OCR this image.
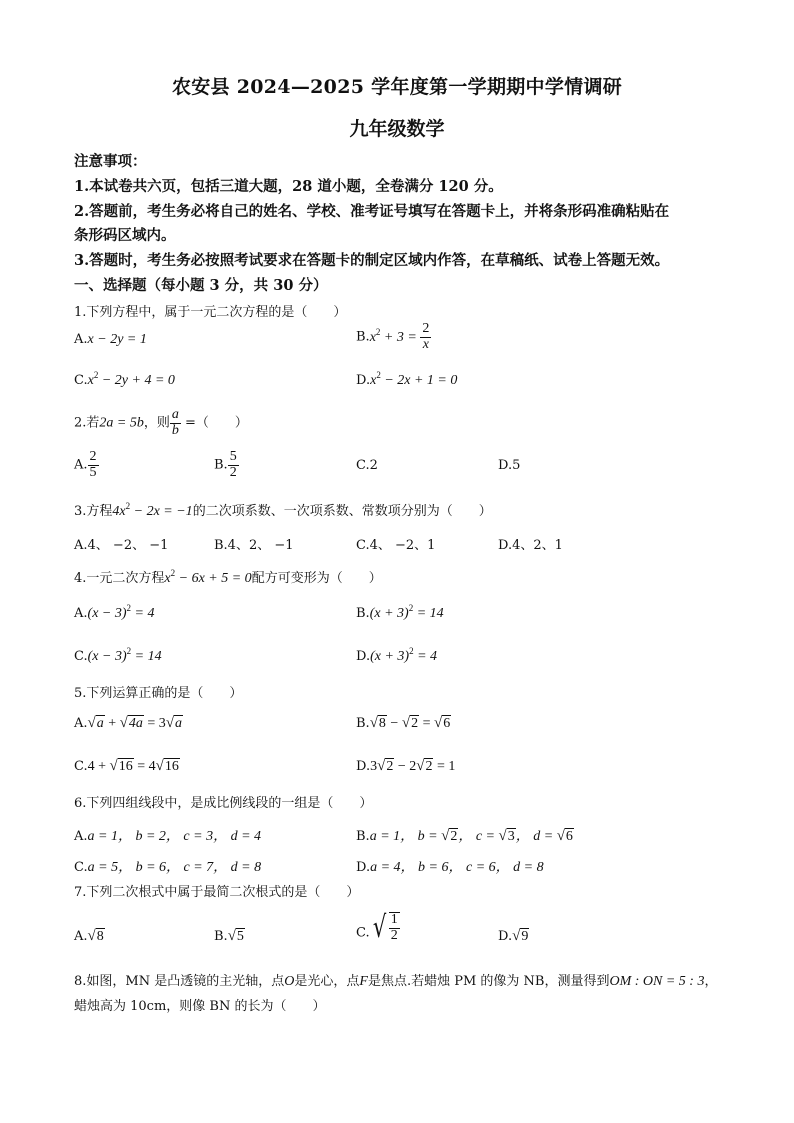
农安县 2024—2025 学年度第一学期期中学情调研
九年级数学
注意事项：
1.本试卷共六页，包括三道大题，28 道小题，全卷满分 120 分。
2.答题前，考生务必将自己的姓名、学校、准考证号填写在答题卡上，并将条形码准确粘贴在
条形码区域内。
3.答题时，考生务必按照考试要求在答题卡的制定区域内作答，在草稿纸、试卷上答题无效。
一、选择题（每小题 3 分，共 30 分）
1.下列方程中，属于一元二次方程的是（　　）
A.x − 2y = 1	$B.x^2 + 3 = \frac{2}{x}$
$C.x^2 - 2y + 4 = 0$	$D.x^2 - 2x + 1 = 0$
2.若2a = 5b，则 $\frac{a}{b}$ =（　　）
A. $\frac{2}{5}$	B. $\frac{5}{2}$	C.2	D.5
3.方程$4x^2 - 2x = -1$的二次项系数、一次项系数、常数项分别为（　　）
A.4、 −2、 −1	B.4、2、 −1	C.4、 −2、1	D.4、2、1
4.一元二次方程$x^2 - 6x + 5 = 0$配方可变形为（　　）
$A.(x - 3)^2 = 4$	$B.(x + 3)^2 = 14$
$C.(x - 3)^2 = 14$	$D.(x + 3)^2 = 4$
5.下列运算正确的是（　　）
A.√a + √4a = 3√a	B.√8 − √2 = √6
C.4 + √16 = 4√16	D.3√2 − 2√2 = 1
6.下列四组线段中，是成比例线段的一组是（　　）
A.a = 1， b = 2， c = 3， d = 4	B.a = 1， b = √2， c = √3， d = √6
C.a = 5， b = 6， c = 7， d = 8	D.a = 4， b = 6， c = 6， d = 8
7.下列二次根式中属于最简二次根式的是（　　）
A.√8	B.√5	C. √ $\frac{1}{2}$	D.√9
8.如图，MN 是凸透镜的主光轴，点O是光心，点F是焦点.若蜡烛 PM 的像为 NB，测量得到OM : ON = 5 : 3，
蜡烛高为 10cm，则像 BN 的长为（　　）
